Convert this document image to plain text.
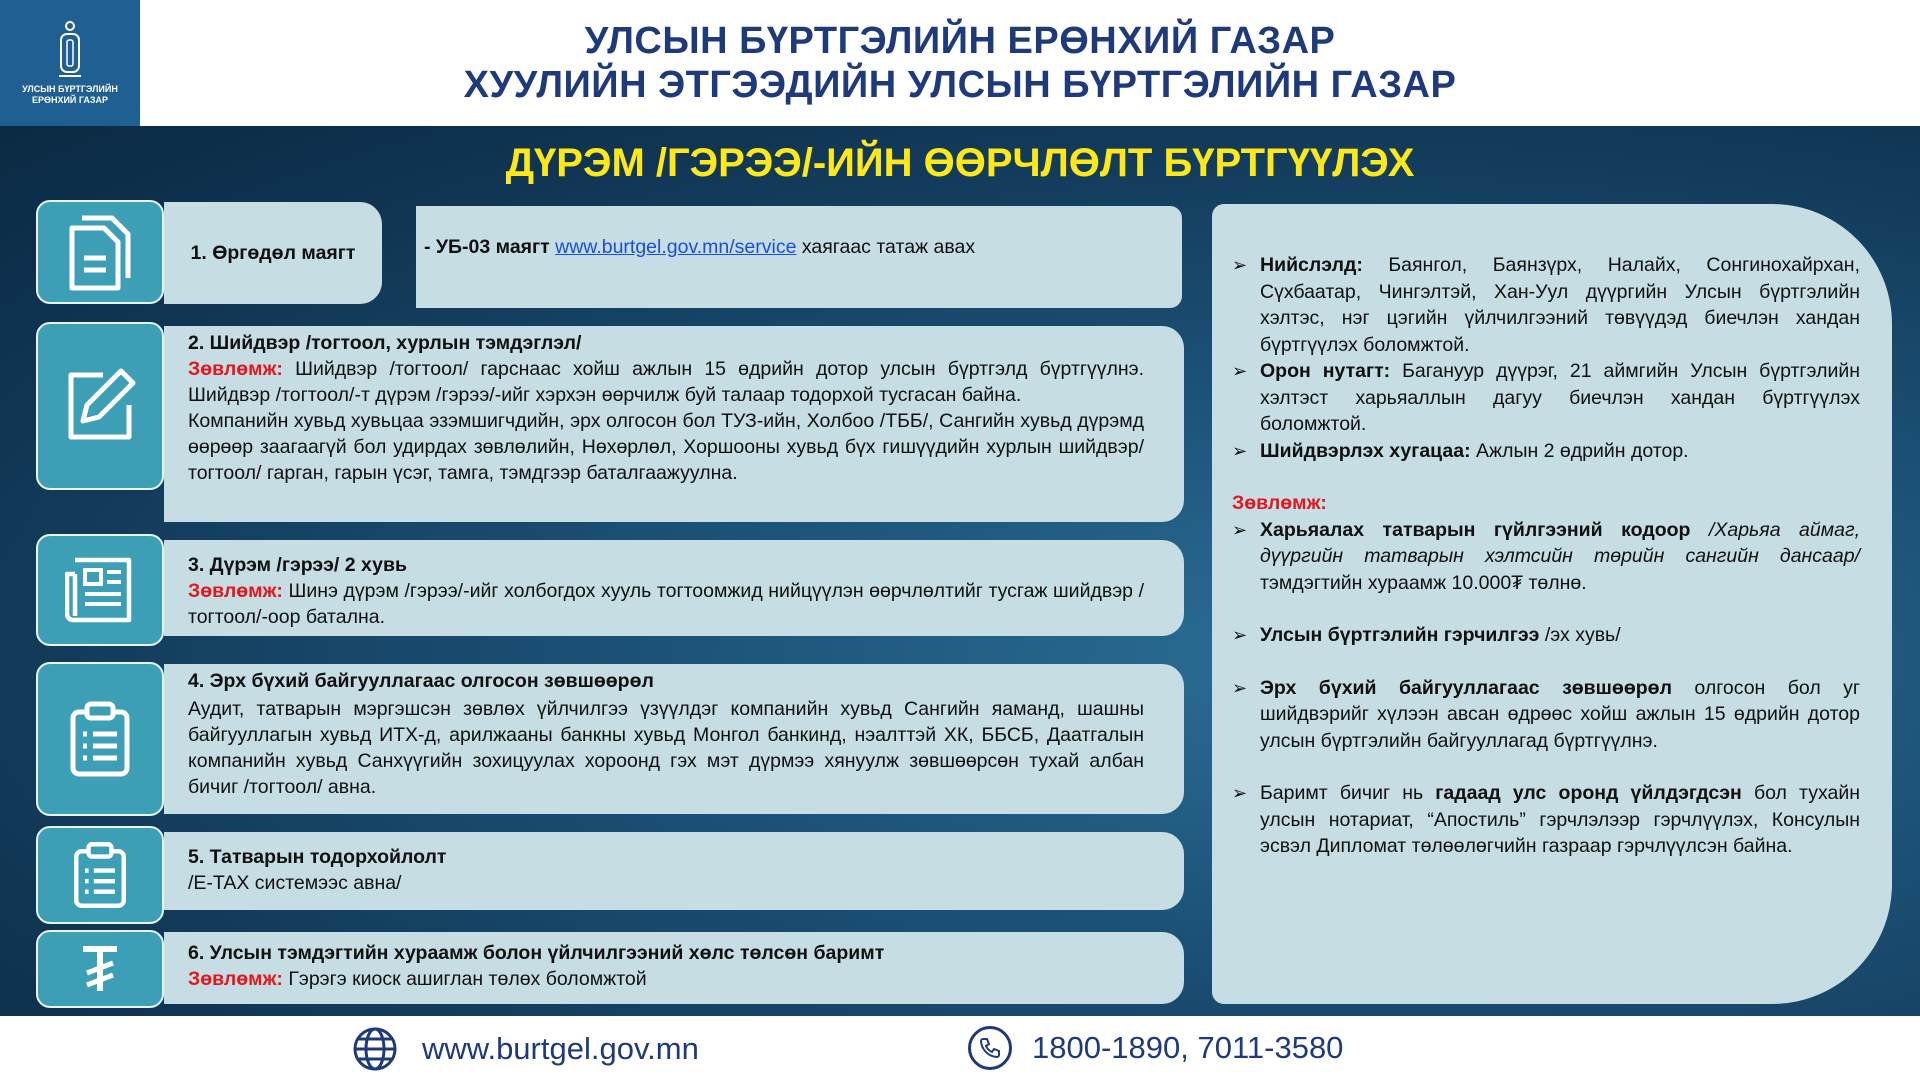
УЛСЫН БҮРТГЭЛИЙН
ЕРӨНХИЙ ГАЗАР
УЛСЫН БҮРТГЭЛИЙН ЕРӨНХИЙ ГАЗАР
ХУУЛИЙН ЭТГЭЭДИЙН УЛСЫН БҮРТГЭЛИЙН ГАЗАР
ДҮРЭМ /ГЭРЭЭ/-ИЙН ӨӨРЧЛӨЛТ БҮРТГҮҮЛЭХ
1. Өргөдөл маягт	- УБ-03 маягт www.burtgel.gov.mn/service хаягаас татаж авах
2. Шийдвэр /тогтоол, хурлын тэмдэглэл/
Зөвлөмж: Шийдвэр /тогтоол/ гарснаас хойш ажлын 15 өдрийн дотор улсын бүртгэлд бүртгүүлнэ. Шийдвэр /тогтоол/-т дүрэм /гэрээ/-ийг хэрхэн өөрчилж буй талаар тодорхой тусгасан байна.
Компанийн хувьд хувьцаа эзэмшигчдийн, эрх олгосон бол ТУЗ-ийн, Холбоо /ТББ/, Сангийн хувьд дүрэмд өөрөөр заагаагүй бол удирдах зөвлөлийн, Нөхөрлөл, Хоршооны хувьд бүх гишүүдийн хурлын шийдвэр/тогтоол/ гарган, гарын үсэг, тамга, тэмдгээр баталгаажуулна.
3. Дүрэм /гэрээ/ 2 хувь
Зөвлөмж: Шинэ дүрэм /гэрээ/-ийг холбогдох хууль тогтоомжид нийцүүлэн өөрчлөлтийг тусгаж шийдвэр /тогтоол/-оор батална.
4. Эрх бүхий байгууллагаас олгосон зөвшөөрөл
Аудит, татварын мэргэшсэн зөвлөх үйлчилгээ үзүүлдэг компанийн хувьд Сангийн яаманд, шашны байгууллагын хувьд ИТХ-д, арилжааны банкны хувьд Монгол банкинд, нэалттэй ХК, ББСБ, Даатгалын компанийн хувьд Санхүүгийн зохицуулах хороонд гэх мэт дүрмээ хянуулж зөвшөөрсөн тухай албан бичиг /тогтоол/ авна.
5. Татварын тодорхойлолт
/E-TAX системээс авна/
6. Улсын тэмдэгтийн хураамж болон үйлчилгээний хөлс төлсөн баримт
Зөвлөмж: Гэрэгэ киоск ашиглан төлөх боломжтой
➢ Нийслэлд: Баянгол, Баянзүрх, Налайх, Сонгинохайрхан, Сүхбаатар, Чингэлтэй, Хан-Уул дүүргийн Улсын бүртгэлийн хэлтэс, нэг цэгийн үйлчилгээний төвүүдэд биечлэн хандан бүртгүүлэх боломжтой.
➢ Орон нутагт: Багануур дүүрэг, 21 аймгийн Улсын бүртгэлийн хэлтэст харьяаллын дагуу биечлэн хандан бүртгүүлэх боломжтой.
➢ Шийдвэрлэх хугацаа: Ажлын 2 өдрийн дотор.
Зөвлөмж:
➢ Харьяалах татварын гүйлгээний кодоор /Харьяа аймаг, дүүргийн татварын хэлтсийн төрийн сангийн дансаар/ тэмдэгтийн хураамж 10.000₮ төлнө.
➢ Улсын бүртгэлийн гэрчилгээ /эх хувь/
➢ Эрх бүхий байгууллагаас зөвшөөрөл олгосон бол уг шийдвэрийг хүлээн авсан өдрөөс хойш ажлын 15 өдрийн дотор улсын бүртгэлийн байгууллагад бүртгүүлнэ.
➢ Баримт бичиг нь гадаад улс оронд үйлдэгдсэн бол тухайн улсын нотариат, “Апостиль” гэрчлэлээр гэрчлүүлэх, Консулын эсвэл Дипломат төлөөлөгчийн газраар гэрчлүүлсэн байна.
www.burtgel.gov.mn	1800-1890, 7011-3580
